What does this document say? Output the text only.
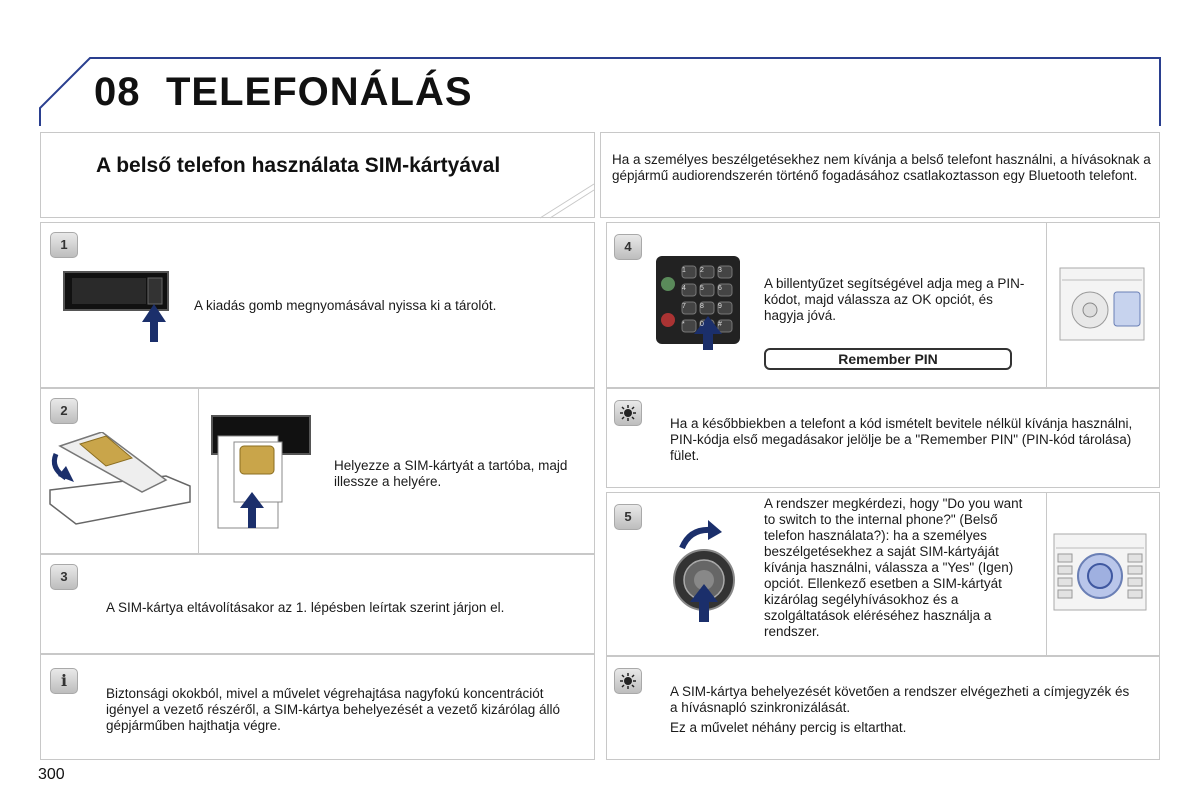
08 TELEFONÁLÁS
A belső telefon használata SIM-kártyával	Ha a személyes beszélgetésekhez nem kívánja a belső telefont használni, a hívásoknak a gépjármű audiorendszerén történő fogadásához csatlakoztasson egy Bluetooth telefont.
1
A kiadás gomb megnyomásával nyissa ki a tárolót.
2
Helyezze a SIM-kártyát a tartóba, majd illessze a helyére.
3
A SIM-kártya eltávolításakor az 1. lépésben leírtak szerint járjon el.
i
Biztonsági okokból, mivel a művelet végrehajtása nagyfokú koncentrációt igényel a vezető részéről, a SIM-kártya behelyezését a vezető kizárólag álló gépjárműben hajthatja végre.
4
1 2 3
4 5 6
7 8 9
* 0 #
A billentyűzet segítségével adja meg a PIN-kódot, majd válassza az OK opciót, és hagyja jóvá.
Remember PIN
Ha a későbbiekben a telefont a kód ismételt bevitele nélkül kívánja használni, PIN-kódja első megadásakor jelölje be a "Remember PIN" (PIN-kód tárolása) fület.
5
A rendszer megkérdezi, hogy "Do you want to switch to the internal phone?" (Belső telefon használata?): ha a személyes beszélgetésekhez a saját SIM-kártyáját kívánja használni, válassza a "Yes" (Igen) opciót. Ellenkező esetben a SIM-kártyát kizárólag segélyhívásokhoz és a szolgáltatások eléréséhez használja a rendszer.
A SIM-kártya behelyezését követően a rendszer elvégezheti a címjegyzék és a hívásnapló szinkronizálását.
Ez a művelet néhány percig is eltarthat.
300
